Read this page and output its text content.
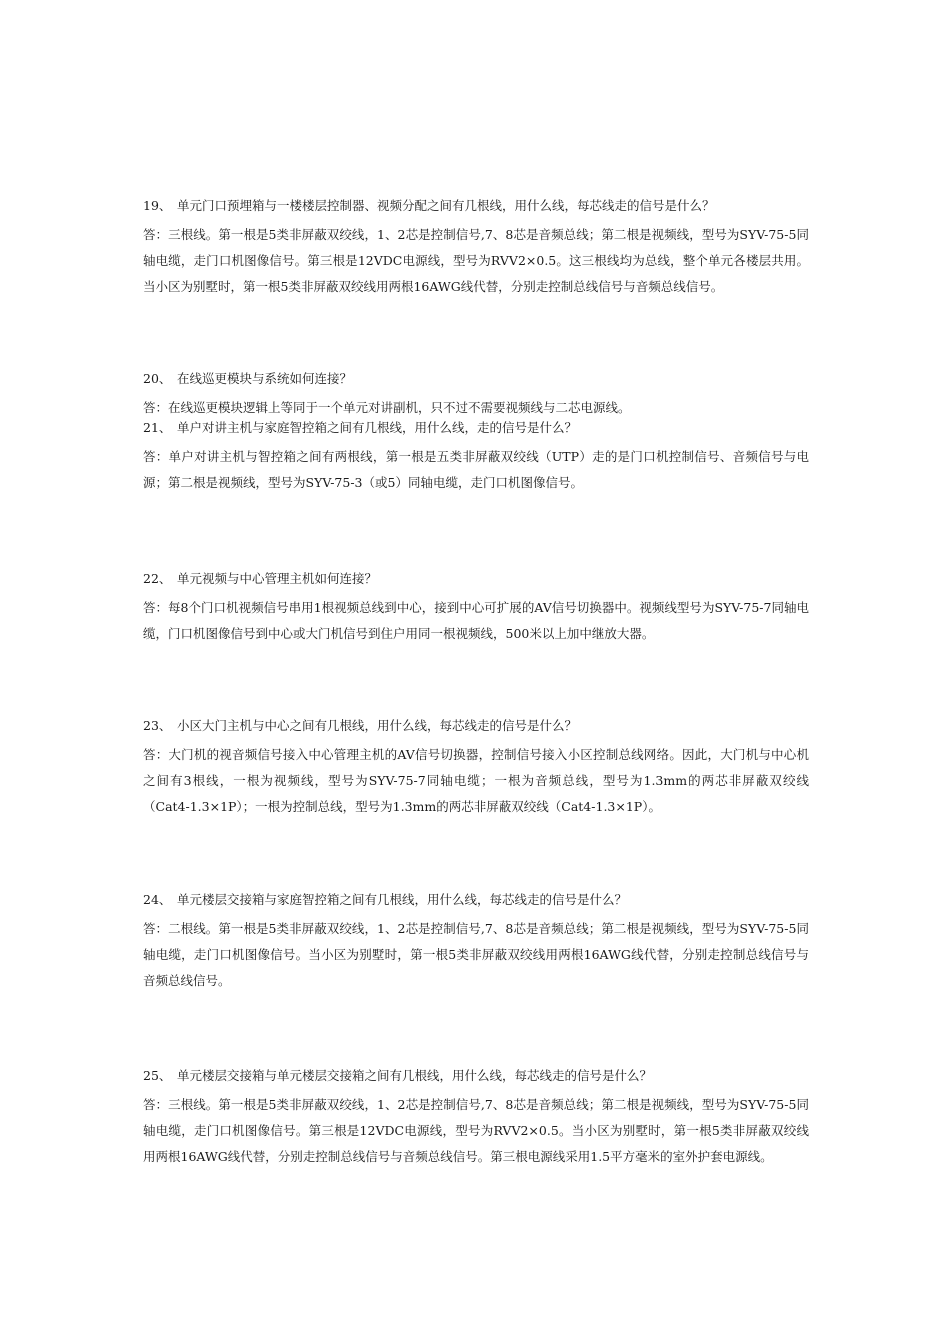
19、 单元门口预埋箱与一楼楼层控制器、视频分配之间有几根线，用什么线，每芯线走的信号是什么？

答：三根线。第一根是5类非屏蔽双绞线，1、2芯是控制信号,7、8芯是音频总线；第二根是视频线，型号为SYV-75-5同轴电缆，走门口机图像信号。第三根是12VDC电源线，型号为RVV2×0.5。这三根线均为总线，整个单元各楼层共用。当小区为别墅时，第一根5类非屏蔽双绞线用两根16AWG线代替，分别走控制总线信号与音频总线信号。

20、 在线巡更模块与系统如何连接？

答：在线巡更模块逻辑上等同于一个单元对讲副机，只不过不需要视频线与二芯电源线。

21、 单户对讲主机与家庭智控箱之间有几根线，用什么线，走的信号是什么？

答：单户对讲主机与智控箱之间有两根线，第一根是五类非屏蔽双绞线（UTP）走的是门口机控制信号、音频信号与电源；第二根是视频线，型号为SYV-75-3（或5）同轴电缆，走门口机图像信号。

22、 单元视频与中心管理主机如何连接？

答：每8个门口机视频信号串用1根视频总线到中心，接到中心可扩展的AV信号切换器中。视频线型号为SYV-75-7同轴电缆，门口机图像信号到中心或大门机信号到住户用同一根视频线，500米以上加中继放大器。

23、 小区大门主机与中心之间有几根线，用什么线，每芯线走的信号是什么？

答：大门机的视音频信号接入中心管理主机的AV信号切换器，控制信号接入小区控制总线网络。因此，大门机与中心机之间有3根线，一根为视频线，型号为SYV-75-7同轴电缆；一根为音频总线，型号为1.3mm的两芯非屏蔽双绞线（Cat4-1.3×1P）；一根为控制总线，型号为1.3mm的两芯非屏蔽双绞线（Cat4-1.3×1P）。

24、 单元楼层交接箱与家庭智控箱之间有几根线，用什么线，每芯线走的信号是什么？

答：二根线。第一根是5类非屏蔽双绞线，1、2芯是控制信号,7、8芯是音频总线；第二根是视频线，型号为SYV-75-5同轴电缆，走门口机图像信号。当小区为别墅时，第一根5类非屏蔽双绞线用两根16AWG线代替，分别走控制总线信号与音频总线信号。

25、 单元楼层交接箱与单元楼层交接箱之间有几根线，用什么线，每芯线走的信号是什么？

答：三根线。第一根是5类非屏蔽双绞线，1、2芯是控制信号,7、8芯是音频总线；第二根是视频线，型号为SYV-75-5同轴电缆，走门口机图像信号。第三根是12VDC电源线，型号为RVV2×0.5。当小区为别墅时，第一根5类非屏蔽双绞线用两根16AWG线代替，分别走控制总线信号与音频总线信号。第三根电源线采用1.5平方毫米的室外护套电源线。
